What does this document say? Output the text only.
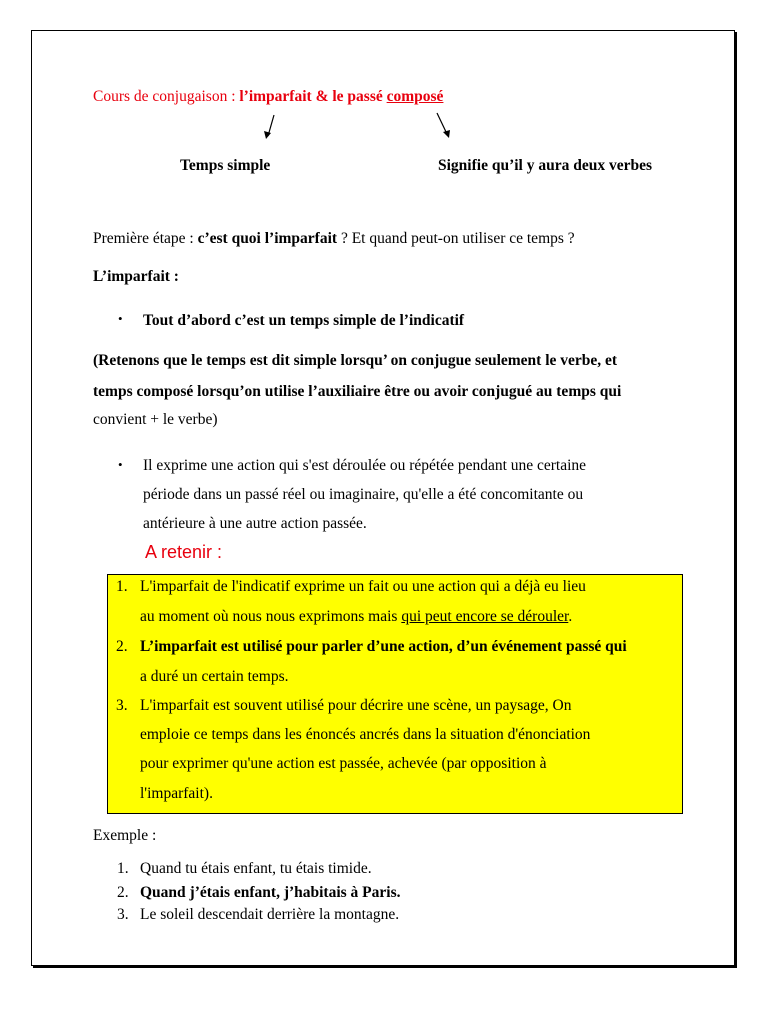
Cours de conjugaison : l’imparfait & le passé composé
Temps simple	Signifie qu’il y aura deux verbes
Première étape : c’est quoi l’imparfait ? Et quand peut-on utiliser ce temps ?
L’imparfait :
• Tout d’abord c’est un temps simple de l’indicatif
(Retenons que le temps est dit simple lorsqu’ on conjugue seulement le verbe, et
temps composé lorsqu’on utilise l’auxiliaire être ou avoir conjugué au temps qui
convient + le verbe)
• Il exprime une action qui s'est déroulée ou répétée pendant une certaine
période dans un passé réel ou imaginaire, qu'elle a été concomitante ou
antérieure à une autre action passée.
A retenir :
1. L'imparfait de l'indicatif exprime un fait ou une action qui a déjà eu lieu
au moment où nous nous exprimons mais qui peut encore se dérouler.
2. L’imparfait est utilisé pour parler d’une action, d’un événement passé qui
a duré un certain temps.
3. L'imparfait est souvent utilisé pour décrire une scène, un paysage, On
emploie ce temps dans les énoncés ancrés dans la situation d'énonciation
pour exprimer qu'une action est passée, achevée (par opposition à
l'imparfait).
Exemple :
1. Quand tu étais enfant, tu étais timide.
2. Quand j’étais enfant, j’habitais à Paris.
3. Le soleil descendait derrière la montagne.
